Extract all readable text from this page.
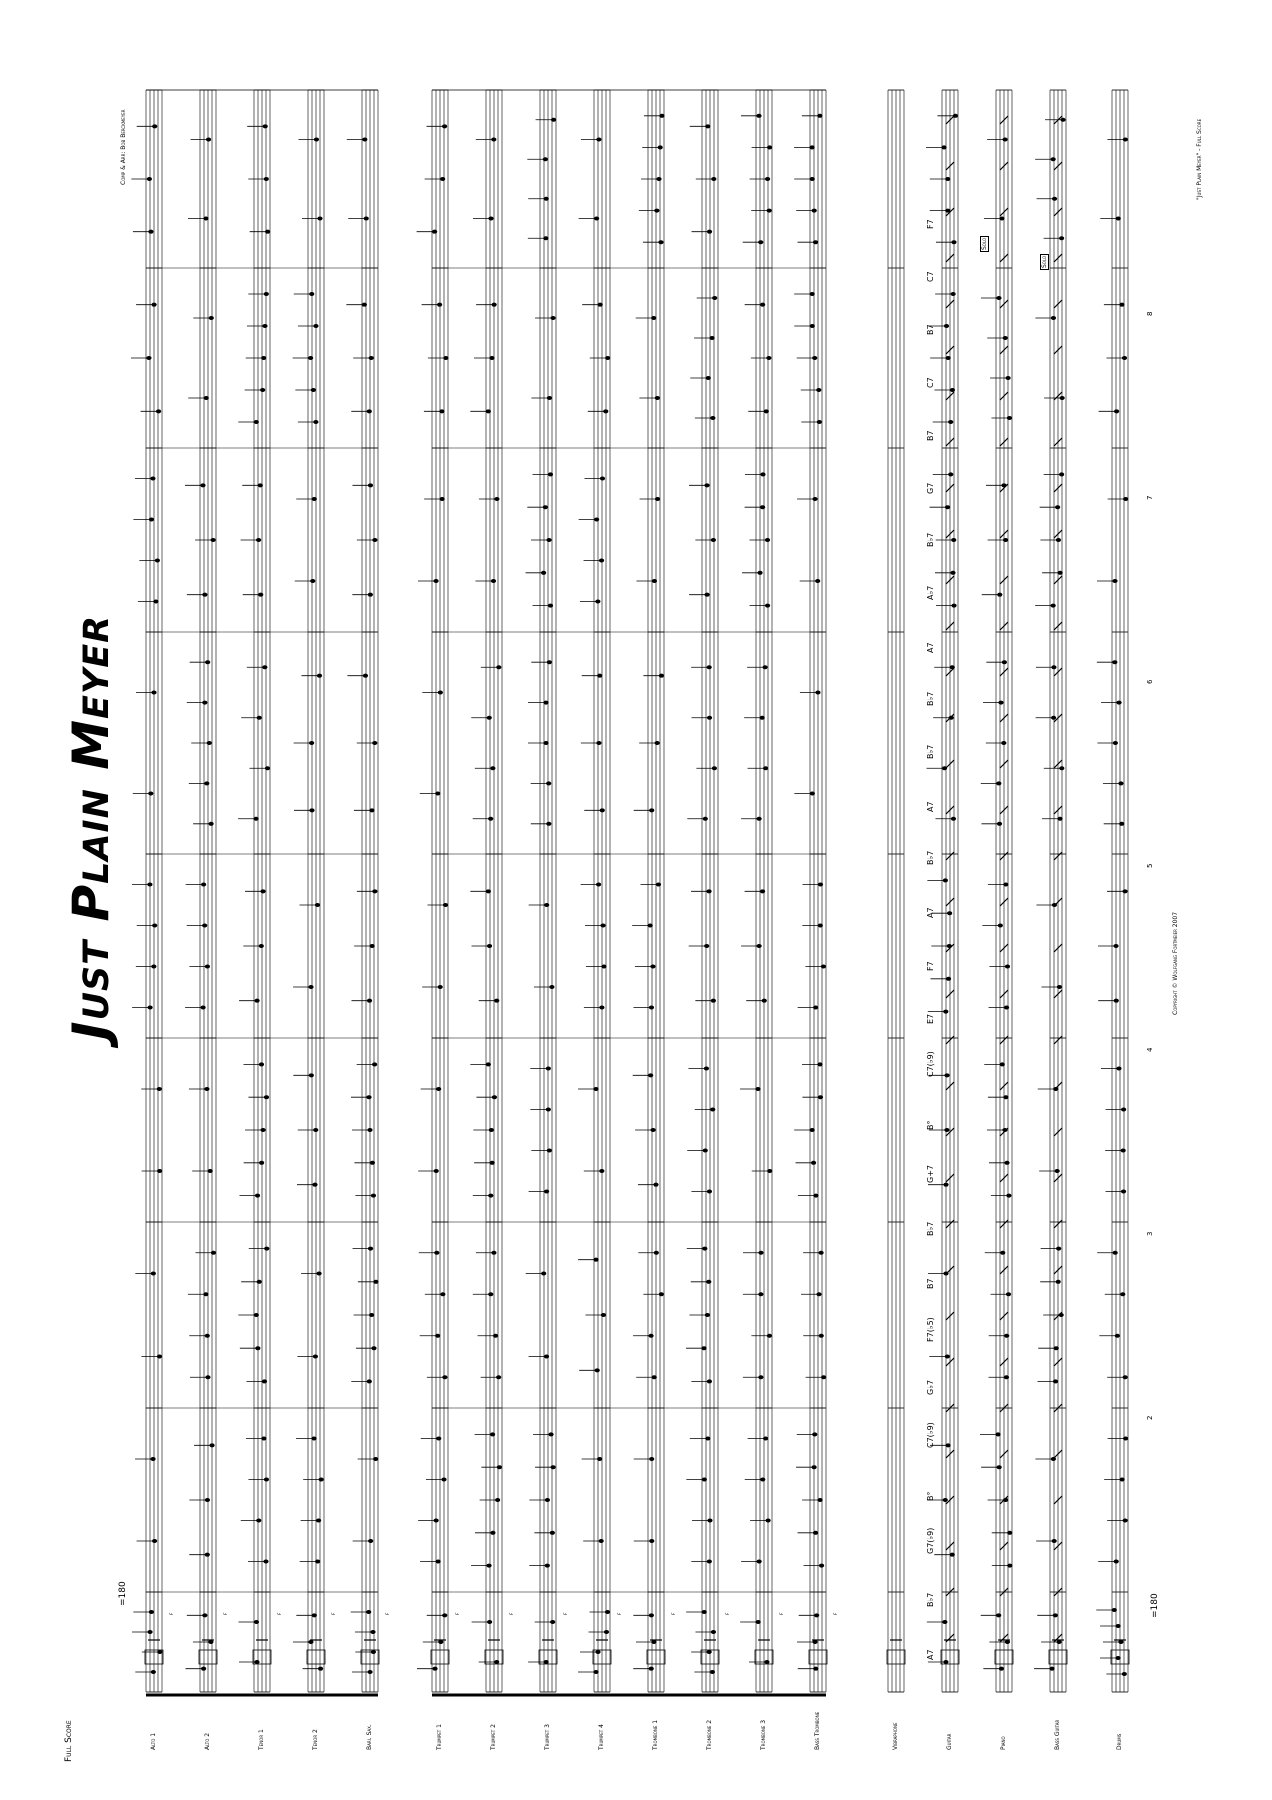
Just Plain Meyer
Full Score
Comp & Arr: Bob Berckmeyer
Copyright © Wolfgang Fortmeier 2007
"Just Plain Meyer" - Full Score
=180	=180
Alto 1	Alto 2	Tenor 1	Tenor 2	Bari. Sax.	Trumpet 1	Trumpet 2	Trumpet 3	Trumpet 4	Trombone 1	Trombone 2	Trombone 3	Bass Trombone	Vibraphone	Guitar	Piano	Bass Guitar	Drums
A7
B♭7
G7(♭9)
B°
C7(♭9)
G♭7
F7(♭5)
B7
B♭7
G+7
B°
C7(♭9)
E7
F7
A7
B♭7
A7
B♭7
B♭7
A7
A♭7
B♭7
G7
B7
C7
B7
C7
F7
2
3
4
5
6
7
8
Solo
Solo
f	f	f	f	f	f	f	f	f	f	f	f	f
